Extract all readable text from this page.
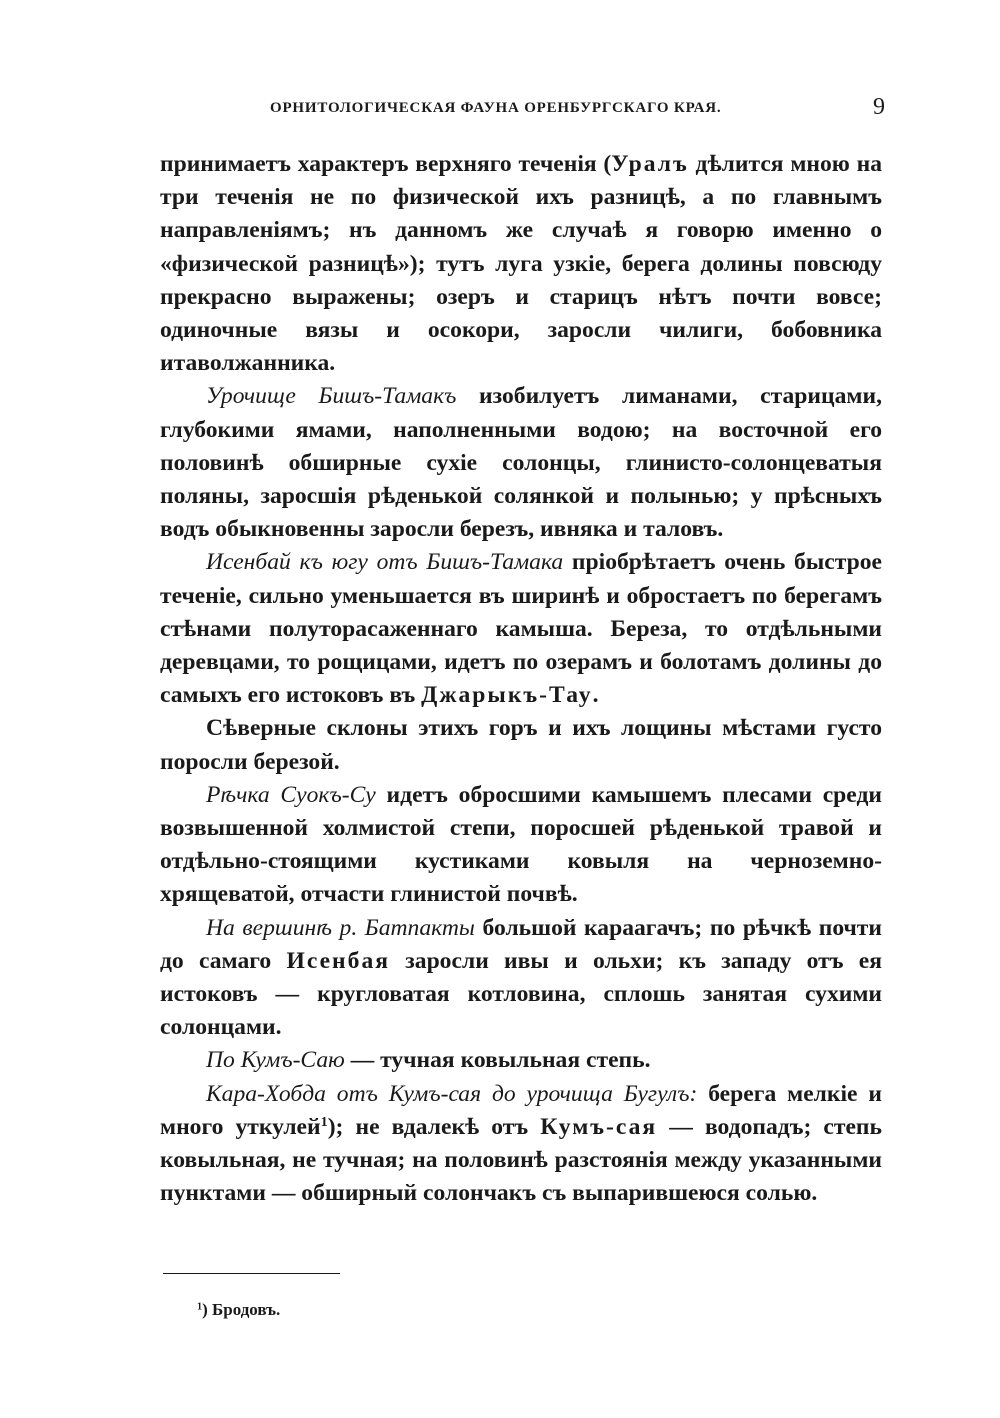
ОРНИТОЛОГИЧЕСКАЯ ФАУНА ОРЕНБУРГСКАГО КРАЯ.	9

принимаетъ характеръ верхняго теченія (Уралъ дѣлится мною на три теченія не по физической ихъ разницѣ, а по главнымъ направленіямъ; нъ данномъ же случаѣ я говорю именно о «физической разницѣ»); тутъ луга узкіе, берега долины повсюду прекрасно выражены; озеръ и старицъ нѣтъ почти вовсе; одиночные вязы и осокори, заросли чилиги, бобовника итаволжанника.

Урочище Бишъ-Тамакъ изобилуетъ лиманами, старицами, глубокими ямами, наполненными водою; на восточной его половинѣ обширные сухіе солонцы, глинисто-солонцеватыя поляны, заросшія рѣденькой солянкой и полынью; у прѣсныхъ водъ обыкновенны заросли березъ, ивняка и таловъ.

Исенбай къ югу отъ Бишъ-Тамака пріобрѣтаетъ очень быстрое теченіе, сильно уменьшается въ ширинѣ и обростаетъ по берегамъ стѣнами полуторасаженнаго камыша. Береза, то отдѣльными деревцами, то рощицами, идетъ по озерамъ и болотамъ долины до самыхъ его истоковъ въ Джарыкъ-Тау.

Сѣверные склоны этихъ горъ и ихъ лощины мѣстами густо поросли березой.

Рѣчка Суокъ-Су идетъ обросшими камышемъ плесами среди возвышенной холмистой степи, поросшей рѣденькой травой и отдѣльно-стоящими кустиками ковыля на черноземно-хрящеватой, отчасти глинистой почвѣ.

На вершинѣ р. Батпакты большой караагачъ; по рѣчкѣ почти до самаго Исенбая заросли ивы и ольхи; къ западу отъ ея истоковъ — кругловатая котловина, сплошь занятая сухими солонцами.

По Кумъ-Саю — тучная ковыльная степь.

Кара-Хобда отъ Кумъ-сая до урочища Бугулъ: берега мелкіе и много уткулей$^1$); не вдалекѣ отъ Кумъ-сая — водопадъ; степь ковыльная, не тучная; на половинѣ разстоянія между указанными пунктами — обширный солончакъ съ выпарившеюся солью.

$^1$) Бродовъ.
